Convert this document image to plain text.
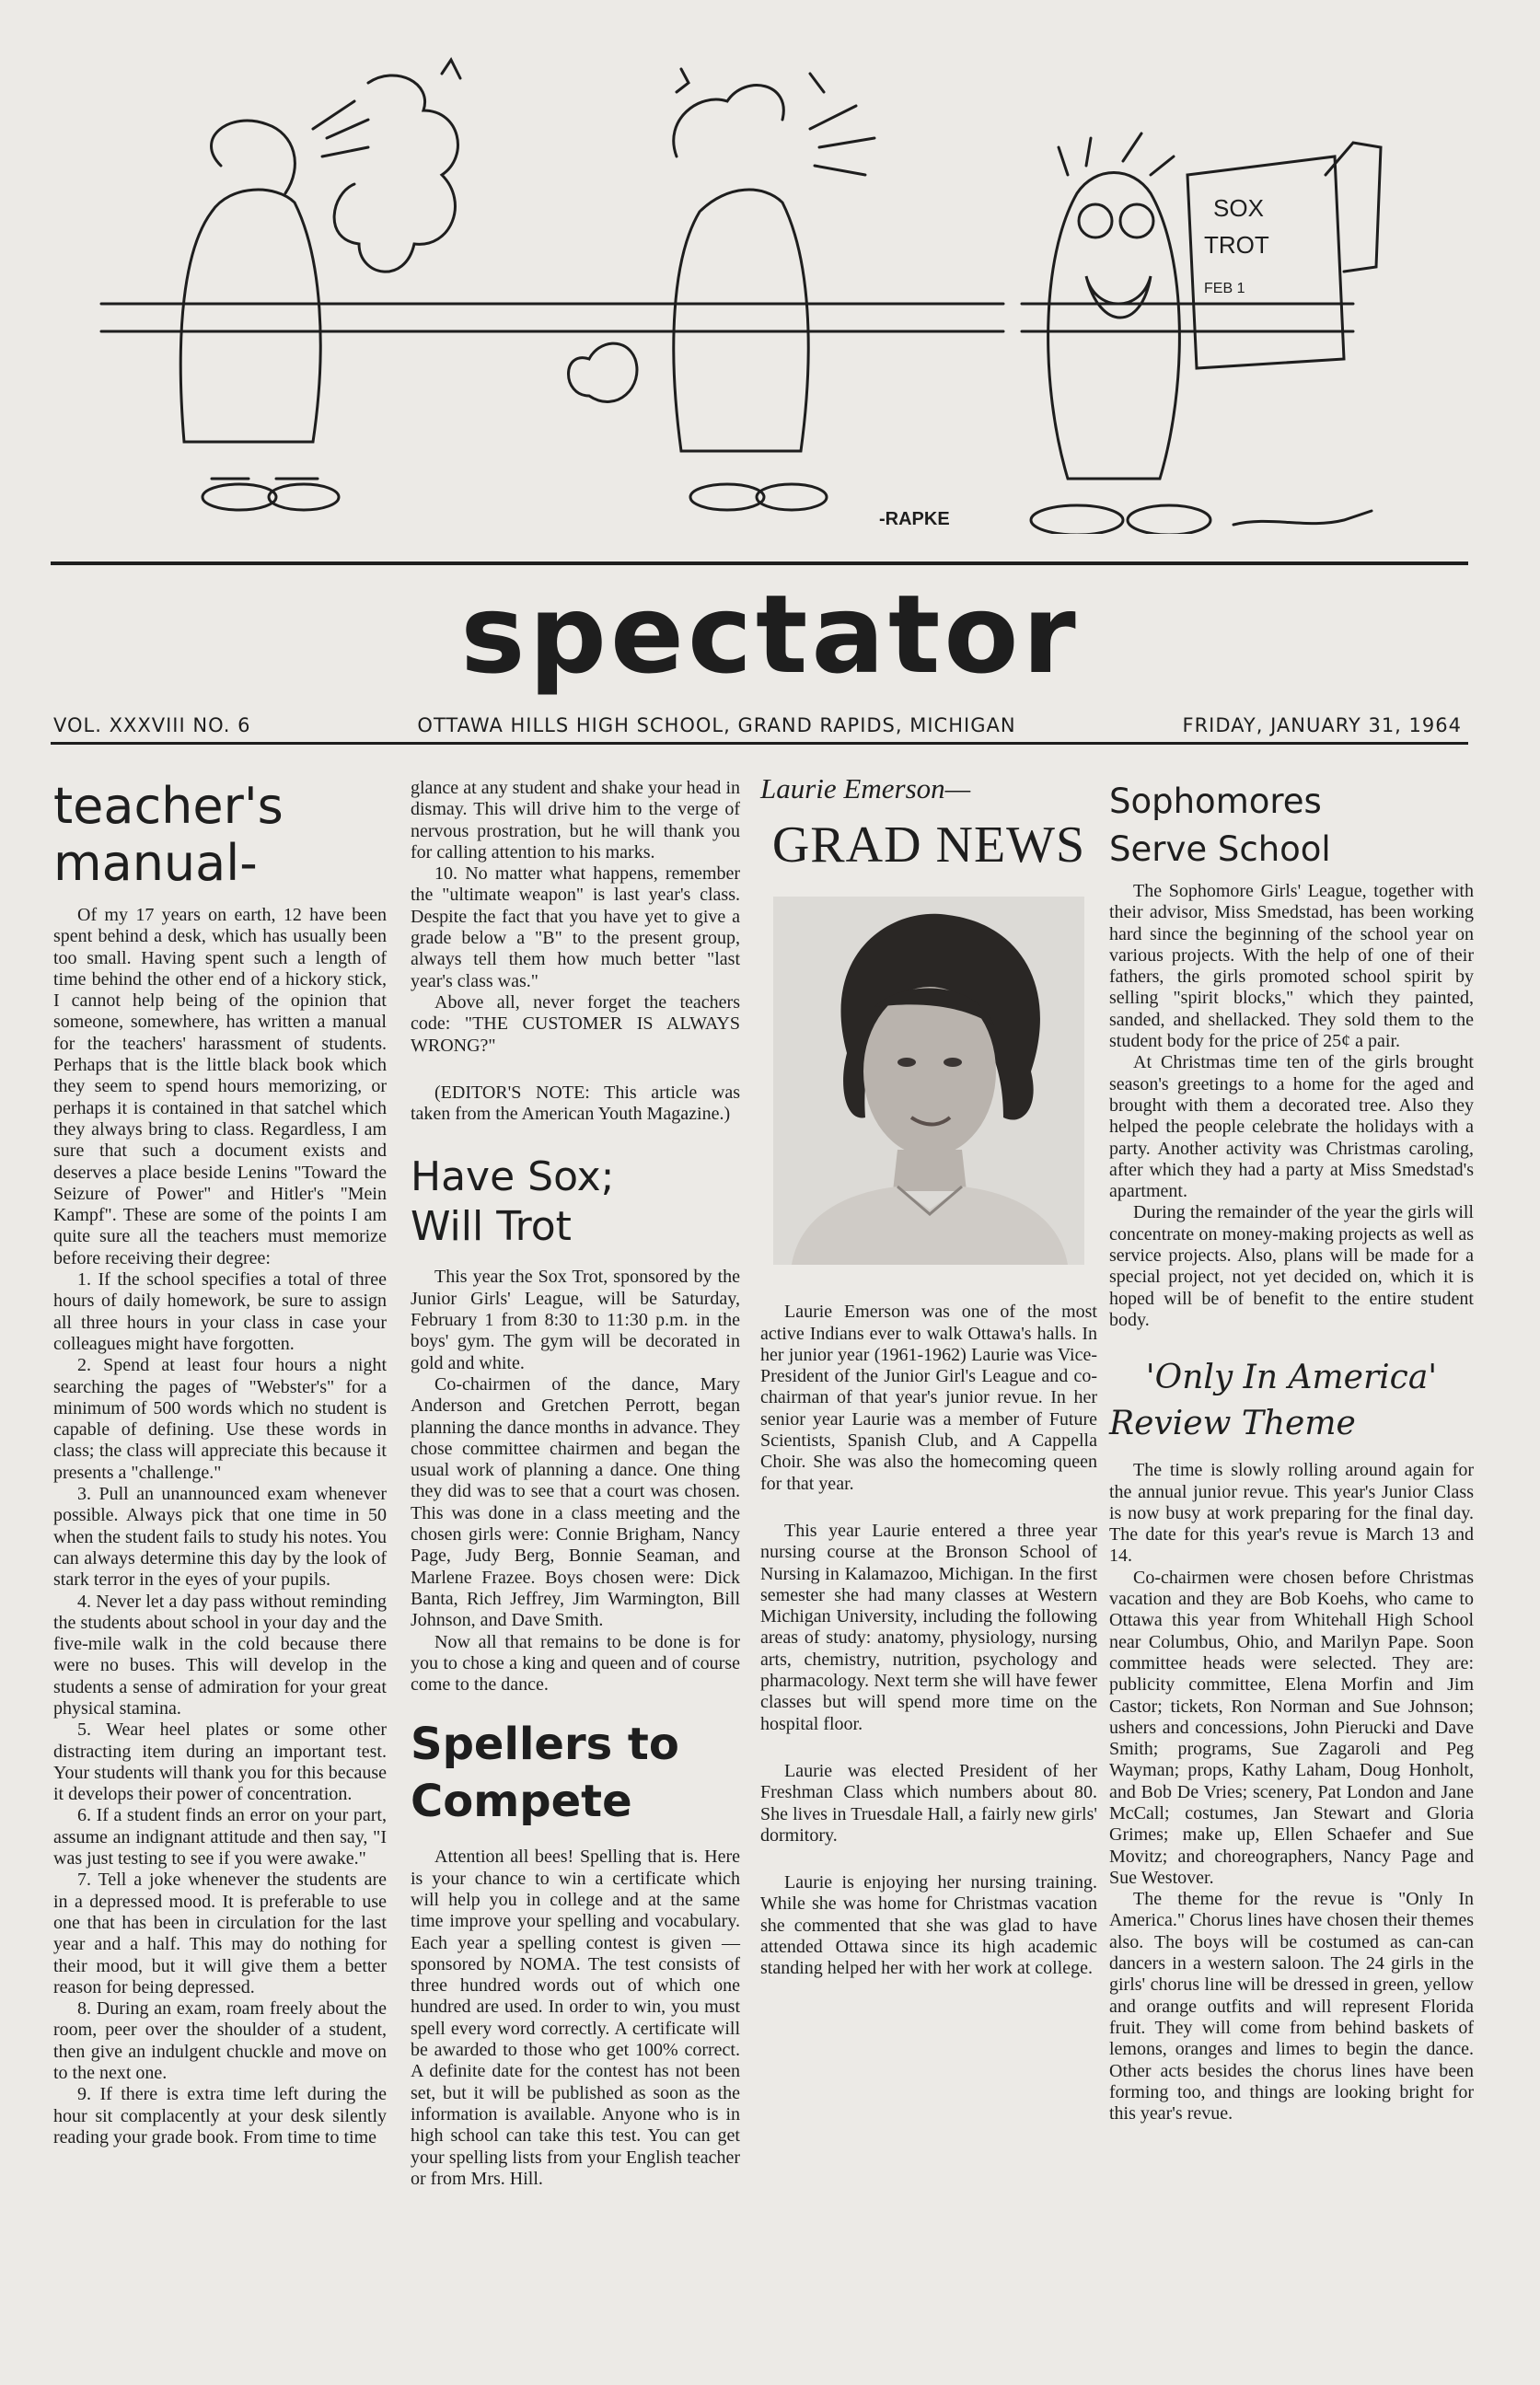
-RAPKE
SOX
TROT
FEB 1
spectator
VOL. XXXVIII NO. 6	OTTAWA HILLS HIGH SCHOOL, GRAND RAPIDS, MICHIGAN	FRIDAY, JANUARY 31, 1964
teacher's manual-

Of my 17 years on earth, 12 have been spent behind a desk, which has usually been too small. Having spent such a length of time behind the other end of a hickory stick, I cannot help being of the opinion that someone, somewhere, has written a manual for the teachers' harassment of students. Perhaps that is the little black book which they seem to spend hours memorizing, or perhaps it is contained in that satchel which they always bring to class. Regardless, I am sure that such a document exists and deserves a place beside Lenins "Toward the Seizure of Power" and Hitler's "Mein Kampf". These are some of the points I am quite sure all the teachers must memorize before receiving their degree:

1. If the school specifies a total of three hours of daily homework, be sure to assign all three hours in your class in case your colleagues might have forgotten.

2. Spend at least four hours a night searching the pages of "Webster's" for a minimum of 500 words which no student is capable of defining. Use these words in class; the class will appreciate this because it presents a "challenge."

3. Pull an unannounced exam whenever possible. Always pick that one time in 50 when the student fails to study his notes. You can always determine this day by the look of stark terror in the eyes of your pupils.

4. Never let a day pass without reminding the students about school in your day and the five-mile walk in the cold because there were no buses. This will develop in the students a sense of admiration for your great physical stamina.

5. Wear heel plates or some other distracting item during an important test. Your students will thank you for this because it develops their power of concentration.

6. If a student finds an error on your part, assume an indignant attitude and then say, "I was just testing to see if you were awake."

7. Tell a joke whenever the students are in a depressed mood. It is preferable to use one that has been in circulation for the last year and a half. This may do nothing for their mood, but it will give them a better reason for being depressed.

8. During an exam, roam freely about the room, peer over the shoulder of a student, then give an indulgent chuckle and move on to the next one.

9. If there is extra time left during the hour sit complacently at your desk silently reading your grade book. From time to time

glance at any student and shake your head in dismay. This will drive him to the verge of nervous prostration, but he will thank you for calling attention to his marks.

10. No matter what happens, remember the "ultimate weapon" is last year's class. Despite the fact that you have yet to give a grade below a "B" to the present group, always tell them how much better "last year's class was."

Above all, never forget the teachers code: "THE CUSTOMER IS ALWAYS WRONG?"

(EDITOR'S NOTE: This article was taken from the American Youth Magazine.)

Have Sox;
Will Trot

This year the Sox Trot, sponsored by the Junior Girls' League, will be Saturday, February 1 from 8:30 to 11:30 p.m. in the boys' gym. The gym will be decorated in gold and white.

Co-chairmen of the dance, Mary Anderson and Gretchen Perrott, began planning the dance months in advance. They chose committee chairmen and began the usual work of planning a dance. One thing they did was to see that a court was chosen. This was done in a class meeting and the chosen girls were: Connie Brigham, Nancy Page, Judy Berg, Bonnie Seaman, and Marlene Frazee. Boys chosen were: Dick Banta, Rich Jeffrey, Jim Warmington, Bill Johnson, and Dave Smith.

Now all that remains to be done is for you to chose a king and queen and of course come to the dance.

Spellers to
Compete

Attention all bees! Spelling that is. Here is your chance to win a certificate which will help you in college and at the same time improve your spelling and vocabulary. Each year a spelling contest is given — sponsored by NOMA. The test consists of three hundred words out of which one hundred are used. In order to win, you must spell every word correctly. A certificate will be awarded to those who get 100% correct. A definite date for the contest has not been set, but it will be published as soon as the information is available. Anyone who is in high school can take this test. You can get your spelling lists from your English teacher or from Mrs. Hill.

Laurie Emerson—
GRAD NEWS

Laurie Emerson was one of the most active Indians ever to walk Ottawa's halls. In her junior year (1961-1962) Laurie was Vice-President of the Junior Girl's League and co-chairman of that year's junior revue. In her senior year Laurie was a member of Future Scientists, Spanish Club, and A Cappella Choir. She was also the homecoming queen for that year.

This year Laurie entered a three year nursing course at the Bronson School of Nursing in Kalamazoo, Michigan. In the first semester she had many classes at Western Michigan University, including the following areas of study: anatomy, physiology, nursing arts, chemistry, nutrition, psychology and pharmacology. Next term she will have fewer classes but will spend more time on the hospital floor.

Laurie was elected President of her Freshman Class which numbers about 80. She lives in Truesdale Hall, a fairly new girls' dormitory.

Laurie is enjoying her nursing training. While she was home for Christmas vacation she commented that she was glad to have attended Ottawa since its high academic standing helped her with her work at college.

Sophomores
Serve School

The Sophomore Girls' League, together with their advisor, Miss Smedstad, has been working hard since the beginning of the school year on various projects. With the help of one of their fathers, the girls promoted school spirit by selling "spirit blocks," which they painted, sanded, and shellacked. They sold them to the student body for the price of 25¢ a pair.

At Christmas time ten of the girls brought season's greetings to a home for the aged and brought with them a decorated tree. Also they helped the people celebrate the holidays with a party. Another activity was Christmas caroling, after which they had a party at Miss Smedstad's apartment.

During the remainder of the year the girls will concentrate on money-making projects as well as service projects. Also, plans will be made for a special project, not yet decided on, which it is hoped will be of benefit to the entire student body.

'Only In America'
Review Theme

The time is slowly rolling around again for the annual junior revue. This year's Junior Class is now busy at work preparing for the final day. The date for this year's revue is March 13 and 14.

Co-chairmen were chosen before Christmas vacation and they are Bob Koehs, who came to Ottawa this year from Whitehall High School near Columbus, Ohio, and Marilyn Pape. Soon committee heads were selected. They are: publicity committee, Elena Morfin and Jim Castor; tickets, Ron Norman and Sue Johnson; ushers and concessions, John Pierucki and Dave Smith; programs, Sue Zagaroli and Peg Wayman; props, Kathy Laham, Doug Honholt, and Bob De Vries; scenery, Pat London and Jane McCall; costumes, Jan Stewart and Gloria Grimes; make up, Ellen Schaefer and Sue Movitz; and choreographers, Nancy Page and Sue Westover.

The theme for the revue is "Only In America." Chorus lines have chosen their themes also. The boys will be costumed as can-can dancers in a western saloon. The 24 girls in the girls' chorus line will be dressed in green, yellow and orange outfits and will represent Florida fruit. They will come from behind baskets of lemons, oranges and limes to begin the dance. Other acts besides the chorus lines have been forming too, and things are looking bright for this year's revue.
